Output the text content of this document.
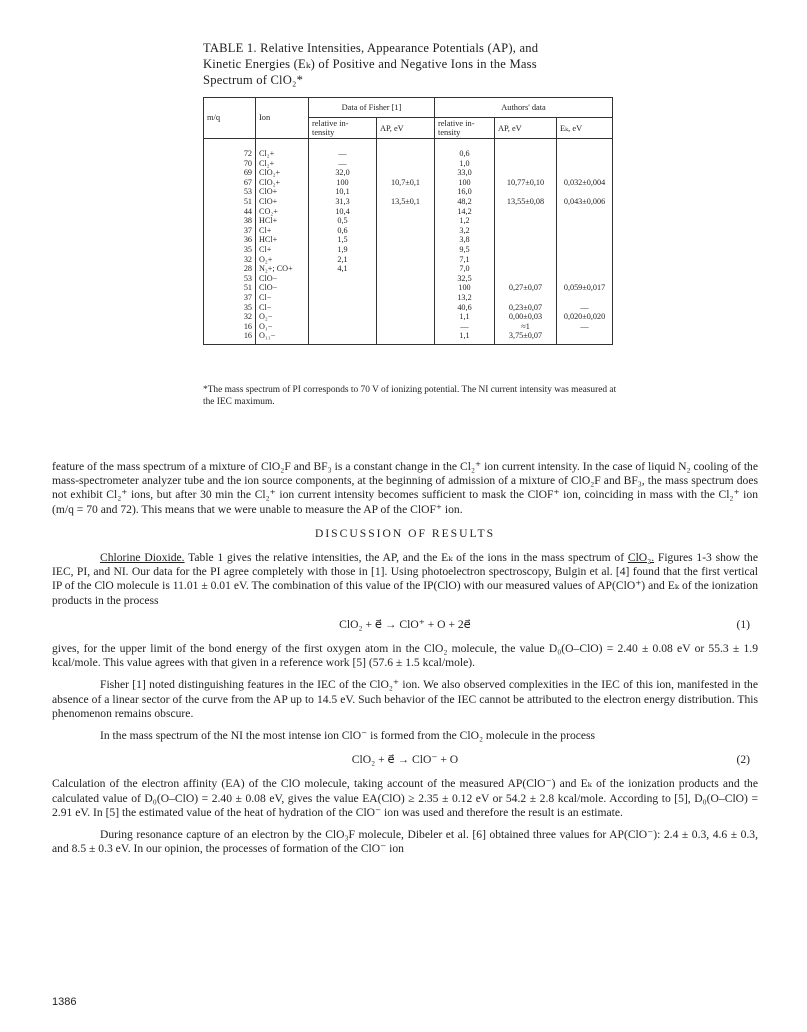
TABLE 1. Relative Intensities, Appearance Potentials (AP), and
Kinetic Energies (Eₖ) of Positive and Negative Ions in the Mass
Spectrum of ClO₂*
m/q	Ion	Data of Fisher [1]		Authors' data		
		relative in-
tensity	AP, eV	relative in-
tensity	AP, eV	Eₖ, eV

72	Cl₂+	—		0,6		
70	Cl₂+	—		1,0		
69	ClO₂+	32,0		33,0		
67	ClO₂+	100	10,7±0,1	100	10,77±0,10	0,032±0,004
53	ClO+	10,1		16,0		
51	ClO+	31,3	13,5±0,1	48,2	13,55±0,08	0,043±0,006
44	CO₂+	10,4		14,2		
38	HCl+	0,5		1,2		
37	Cl+	0,6		3,2		
36	HCl+	1,5		3,8		
35	Cl+	1,9		9,5		
32	O₂+	2,1		7,1		
28	N₂+; CO+	4,1		7,0		
53	ClO−			32,5		
51	ClO−			100	0,27±0,07	0,059±0,017
37	Cl−			13,2		
35	Cl−			40,6	0,23±0,07	—
32	O₂−			1,1	0,00±0,03	0,020±0,020
16	O₁−			—	≈1	—
16	O₁₁−			1,1	3,75±0,07	
*The mass spectrum of PI corresponds to 70 V of ionizing potential. The NI current intensity was measured at the IEC maximum.

feature of the mass spectrum of a mixture of ClO₂F and BF₃ is a constant change in the Cl₂⁺ ion current intensity. In the case of liquid N₂ cooling of the mass-spectrometer analyzer tube and the ion source components, at the beginning of admission of a mixture of ClO₂F and BF₃, the mass spectrum does not exhibit Cl₂⁺ ions, but after 30 min the Cl₂⁺ ion current intensity becomes sufficient to mask the ClOF⁺ ion, coinciding in mass with the Cl₂⁺ ion (m/q = 70 and 72). This means that we were unable to measure the AP of the ClOF⁺ ion.

DISCUSSION OF RESULTS

Chlorine Dioxide. Table 1 gives the relative intensities, the AP, and the Eₖ of the ions in the mass spectrum of ClO₂. Figures 1-3 show the IEC, PI, and NI. Our data for the PI agree completely with those in [1]. Using photoelectron spectroscopy, Bulgin et al. [4] found that the first vertical IP of the ClO molecule is 11.01 ± 0.01 eV. The combination of this value of the IP(ClO) with our measured values of AP(ClO⁺) and Eₖ of the ionization products in the process

ClO₂ + e⃗ → ClO⁺ + O + 2e⃗	(1)

gives, for the upper limit of the bond energy of the first oxygen atom in the ClO₂ molecule, the value D₀(O–ClO) = 2.40 ± 0.08 eV or 55.3 ± 1.9 kcal/mole. This value agrees with that given in a reference work [5] (57.6 ± 1.5 kcal/mole).

Fisher [1] noted distinguishing features in the IEC of the ClO₂⁺ ion. We also observed complexities in the IEC of this ion, manifested in the absence of a linear sector of the curve from the AP up to 14.5 eV. Such behavior of the IEC cannot be attributed to the electron energy distribution. This phenomenon remains obscure.

In the mass spectrum of the NI the most intense ion ClO⁻ is formed from the ClO₂ molecule in the process

ClO₂ + e⃗ → ClO⁻ + O	(2)

Calculation of the electron affinity (EA) of the ClO molecule, taking account of the measured AP(ClO⁻) and Eₖ of the ionization products and the calculated value of D₀(O–ClO) = 2.40 ± 0.08 eV, gives the value EA(ClO) ≥ 2.35 ± 0.12 eV or 54.2 ± 2.8 kcal/mole. According to [5], D₀(O–ClO) = 2.91 eV. In [5] the estimated value of the heat of hydration of the ClO⁻ ion was used and therefore the result is an estimate.

During resonance capture of an electron by the ClO₃F molecule, Dibeler et al. [6] obtained three values for AP(ClO⁻): 2.4 ± 0.3, 4.6 ± 0.3, and 8.5 ± 0.3 eV. In our opinion, the processes of formation of the ClO⁻ ion

1386
